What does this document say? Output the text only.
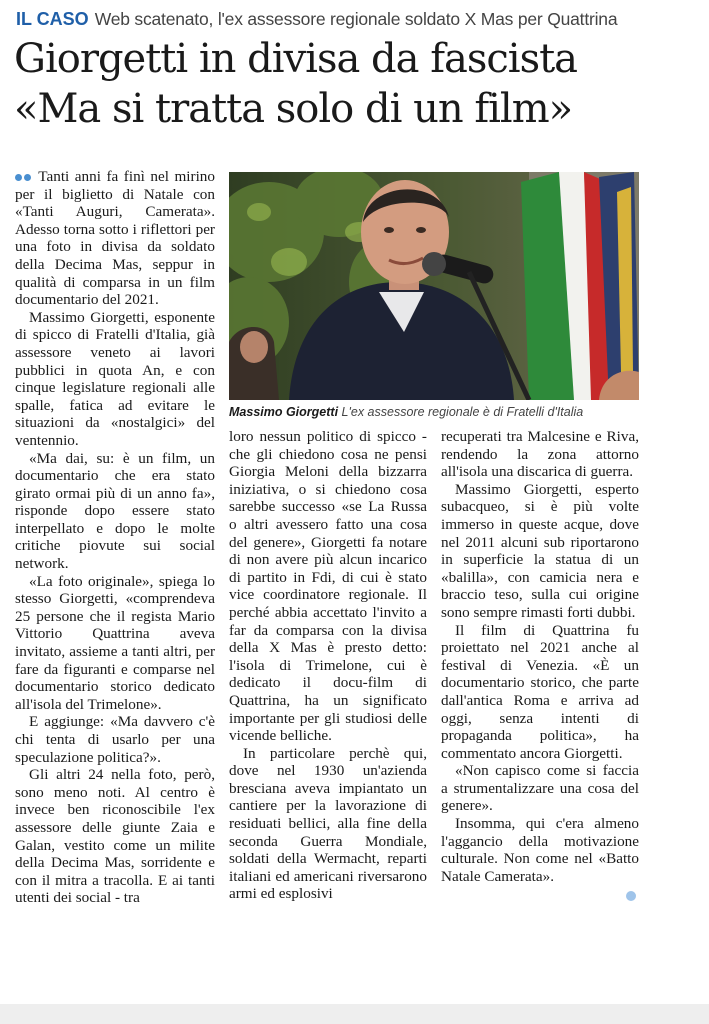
IL CASO Web scatenato, l'ex assessore regionale soldato X Mas per Quattrina
Giorgetti in divisa da fascista
«Ma si tratta solo di un film»

Tanti anni fa finì nel mirino per il biglietto di Natale con «Tanti Auguri, Camerata». Adesso torna sotto i riflettori per una foto in divisa da soldato della Decima Mas, seppur in qualità di comparsa in un film documentario del 2021.

Massimo Giorgetti, esponente di spicco di Fratelli d'Italia, già assessore veneto ai lavori pubblici in quota An, e con cinque legislature regionali alle spalle, fatica ad evitare le situazioni da «nostalgici» del ventennio.

«Ma dai, su: è un film, un documentario che era stato girato ormai più di un anno fa», risponde dopo essere stato interpellato e dopo le molte critiche piovute sui social network.

«La foto originale», spiega lo stesso Giorgetti, «comprendeva 25 persone che il regista Mario Vittorio Quattrina aveva invitato, assieme a tanti altri, per fare da figuranti e comparse nel documentario storico dedicato all'isola del Trimelone».

E aggiunge: «Ma davvero c'è chi tenta di usarlo per una speculazione politica?».

Gli altri 24 nella foto, però, sono meno noti. Al centro è invece ben riconoscibile l'ex assessore delle giunte Zaia e Galan, vestito come un milite della Decima Mas, sorridente e con il mitra a tracolla. E ai tanti utenti dei social - tra

Massimo Giorgetti L'ex assessore regionale è di Fratelli d'Italia

loro nessun politico di spicco - che gli chiedono cosa ne pensi Giorgia Meloni della bizzarra iniziativa, o si chiedono cosa sarebbe successo «se La Russa o altri avessero fatto una cosa del genere», Giorgetti fa notare di non avere più alcun incarico di partito in Fdi, di cui è stato vice coordinatore regionale. Il perché abbia accettato l'invito a far da comparsa con la divisa della X Mas è presto detto: l'isola di Trimelone, cui è dedicato il docu-film di Quattrina, ha un significato importante per gli studiosi delle vicende belliche.

In particolare perchè qui, dove nel 1930 un'azienda bresciana aveva impiantato un cantiere per la lavorazione di residuati bellici, alla fine della seconda Guerra Mondiale, soldati della Wermacht, reparti italiani ed americani riversarono armi ed esplosivi

recuperati tra Malcesine e Riva, rendendo la zona attorno all'isola una discarica di guerra.

Massimo Giorgetti, esperto subacqueo, si è più volte immerso in queste acque, dove nel 2011 alcuni sub riportarono in superficie la statua di un «balilla», con camicia nera e braccio teso, sulla cui origine sono sempre rimasti forti dubbi.

Il film di Quattrina fu proiettato nel 2021 anche al festival di Venezia. «È un documentario storico, che parte dall'antica Roma e arriva ad oggi, senza intenti di propaganda politica», ha commentato ancora Giorgetti.

«Non capisco come si faccia a strumentalizzare una cosa del genere».

Insomma, qui c'era almeno l'aggancio della motivazione culturale. Non come nel «Batto Natale Camerata».
